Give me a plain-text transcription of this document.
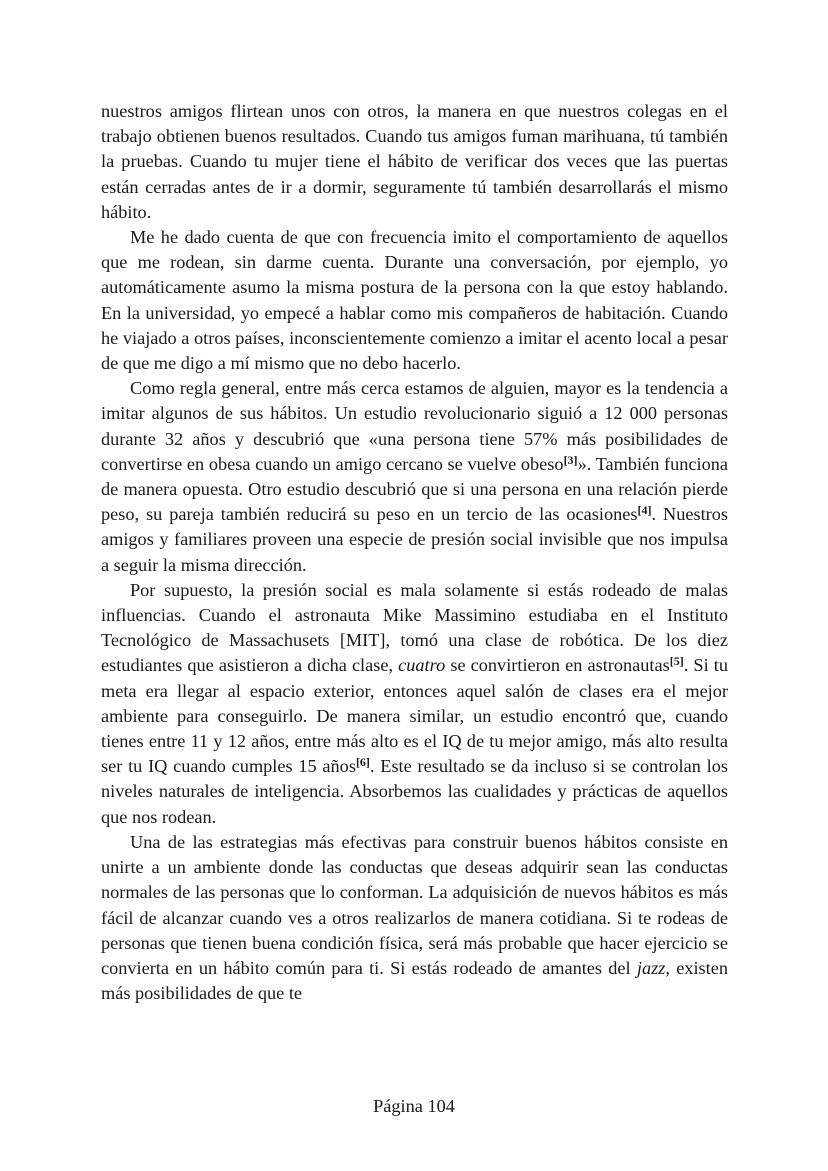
nuestros amigos flirtean unos con otros, la manera en que nuestros colegas en el trabajo obtienen buenos resultados. Cuando tus amigos fuman marihuana, tú también la pruebas. Cuando tu mujer tiene el hábito de verificar dos veces que las puertas están cerradas antes de ir a dormir, seguramente tú también desarrollarás el mismo hábito.

Me he dado cuenta de que con frecuencia imito el comportamiento de aquellos que me rodean, sin darme cuenta. Durante una conversación, por ejemplo, yo automáticamente asumo la misma postura de la persona con la que estoy hablando. En la universidad, yo empecé a hablar como mis compañeros de habitación. Cuando he viajado a otros países, inconscientemente comienzo a imitar el acento local a pesar de que me digo a mí mismo que no debo hacerlo.

Como regla general, entre más cerca estamos de alguien, mayor es la tendencia a imitar algunos de sus hábitos. Un estudio revolucionario siguió a 12 000 personas durante 32 años y descubrió que «una persona tiene 57% más posibilidades de convertirse en obesa cuando un amigo cercano se vuelve obeso[3]». También funciona de manera opuesta. Otro estudio descubrió que si una persona en una relación pierde peso, su pareja también reducirá su peso en un tercio de las ocasiones[4]. Nuestros amigos y familiares proveen una especie de presión social invisible que nos impulsa a seguir la misma dirección.

Por supuesto, la presión social es mala solamente si estás rodeado de malas influencias. Cuando el astronauta Mike Massimino estudiaba en el Instituto Tecnológico de Massachusets [MIT], tomó una clase de robótica. De los diez estudiantes que asistieron a dicha clase, cuatro se convirtieron en astronautas[5]. Si tu meta era llegar al espacio exterior, entonces aquel salón de clases era el mejor ambiente para conseguirlo. De manera similar, un estudio encontró que, cuando tienes entre 11 y 12 años, entre más alto es el IQ de tu mejor amigo, más alto resulta ser tu IQ cuando cumples 15 años[6]. Este resultado se da incluso si se controlan los niveles naturales de inteligencia. Absorbemos las cualidades y prácticas de aquellos que nos rodean.

Una de las estrategias más efectivas para construir buenos hábitos consiste en unirte a un ambiente donde las conductas que deseas adquirir sean las conductas normales de las personas que lo conforman. La adquisición de nuevos hábitos es más fácil de alcanzar cuando ves a otros realizarlos de manera cotidiana. Si te rodeas de personas que tienen buena condición física, será más probable que hacer ejercicio se convierta en un hábito común para ti. Si estás rodeado de amantes del jazz, existen más posibilidades de que te

Página 104
